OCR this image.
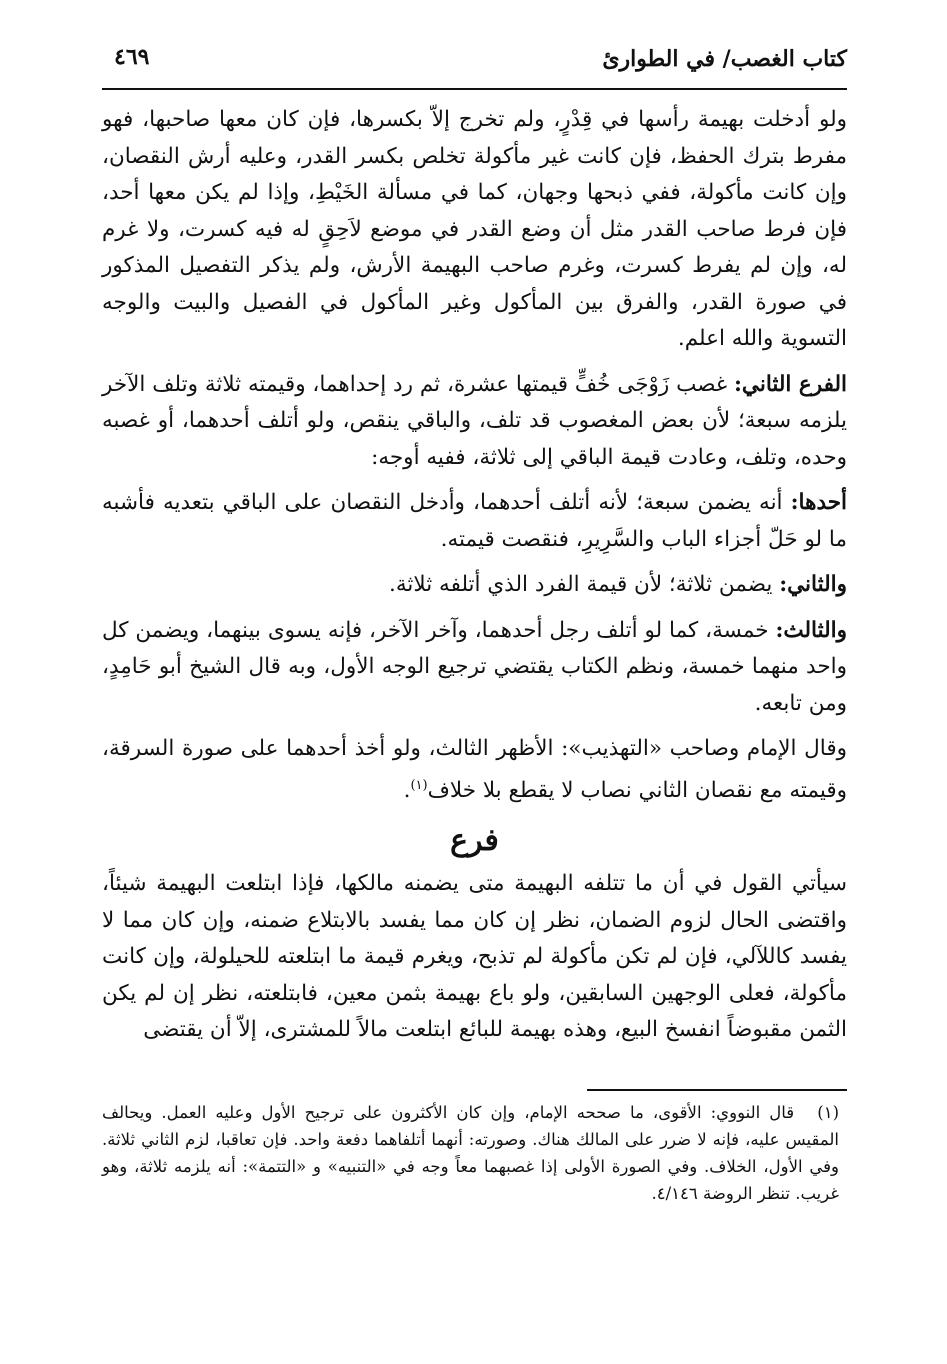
كتاب الغصب/ في الطوارئ
٤٦٩

ولو أدخلت بهيمة رأسها في قِدْرٍ، ولم تخرج إلاّ بكسرها، فإن كان معها صاحبها، فهو مفرط بترك الحفظ، فإن كانت غير مأكولة تخلص بكسر القدر، وعليه أرش النقصان، وإن كانت مأكولة، ففي ذبحها وجهان، كما في مسألة الخَيْطِ، وإذا لم يكن معها أحد، فإن فرط صاحب القدر مثل أن وضع القدر في موضع لاَحِقٍ له فيه كسرت، ولا غرم له، وإن لم يفرط كسرت، وغرم صاحب البهيمة الأرش، ولم يذكر التفصيل المذكور في صورة القدر، والفرق بين المأكول وغير المأكول في الفصيل والبيت والوجه التسوية والله اعلم.

الفرع الثاني: غصب زَوْجَى خُفٍّ قيمتها عشرة، ثم رد إحداهما، وقيمته ثلاثة وتلف الآخر يلزمه سبعة؛ لأن بعض المغصوب قد تلف، والباقي ينقص، ولو أتلف أحدهما، أو غصبه وحده، وتلف، وعادت قيمة الباقي إلى ثلاثة، ففيه أوجه:

أحدها: أنه يضمن سبعة؛ لأنه أتلف أحدهما، وأدخل النقصان على الباقي بتعديه فأشبه ما لو حَلّ أجزاء الباب والسَّرِيرِ، فنقصت قيمته.

والثاني: يضمن ثلاثة؛ لأن قيمة الفرد الذي أتلفه ثلاثة.

والثالث: خمسة، كما لو أتلف رجل أحدهما، وآخر الآخر، فإنه يسوى بينهما، ويضمن كل واحد منهما خمسة، ونظم الكتاب يقتضي ترجيع الوجه الأول، وبه قال الشيخ أبو حَامِدٍ، ومن تابعه.

وقال الإمام وصاحب «التهذيب»: الأظهر الثالث، ولو أخذ أحدهما على صورة السرقة، وقيمته مع نقصان الثاني نصاب لا يقطع بلا خلاف$^{(١)}$.

فرع

سيأتي القول في أن ما تتلفه البهيمة متى يضمنه مالكها، فإذا ابتلعت البهيمة شيئاً، واقتضى الحال لزوم الضمان، نظر إن كان مما يفسد بالابتلاع ضمنه، وإن كان مما لا يفسد كاللآلي، فإن لم تكن مأكولة لم تذبح، ويغرم قيمة ما ابتلعته للحيلولة، وإن كانت مأكولة، فعلى الوجهين السابقين، ولو باع بهيمة بثمن معين، فابتلعته، نظر إن لم يكن الثمن مقبوضاً انفسخ البيع، وهذه بهيمة للبائع ابتلعت مالاً للمشترى، إلاّ أن يقتضى

(١) قال النووي: الأقوى، ما صححه الإمام، وإن كان الأكثرون على ترجيح الأول وعليه العمل. ويحالف المقيس عليه، فإنه لا ضرر على المالك هناك. وصورته: أنهما أتلفاهما دفعة واحد. فإن تعاقبا، لزم الثاني ثلاثة. وفي الأول، الخلاف. وفي الصورة الأولى إذا غصبهما معاً وجه في «التنبيه» و «التتمة»: أنه يلزمه ثلاثة، وهو غريب. تنظر الروضة ٤/١٤٦.
